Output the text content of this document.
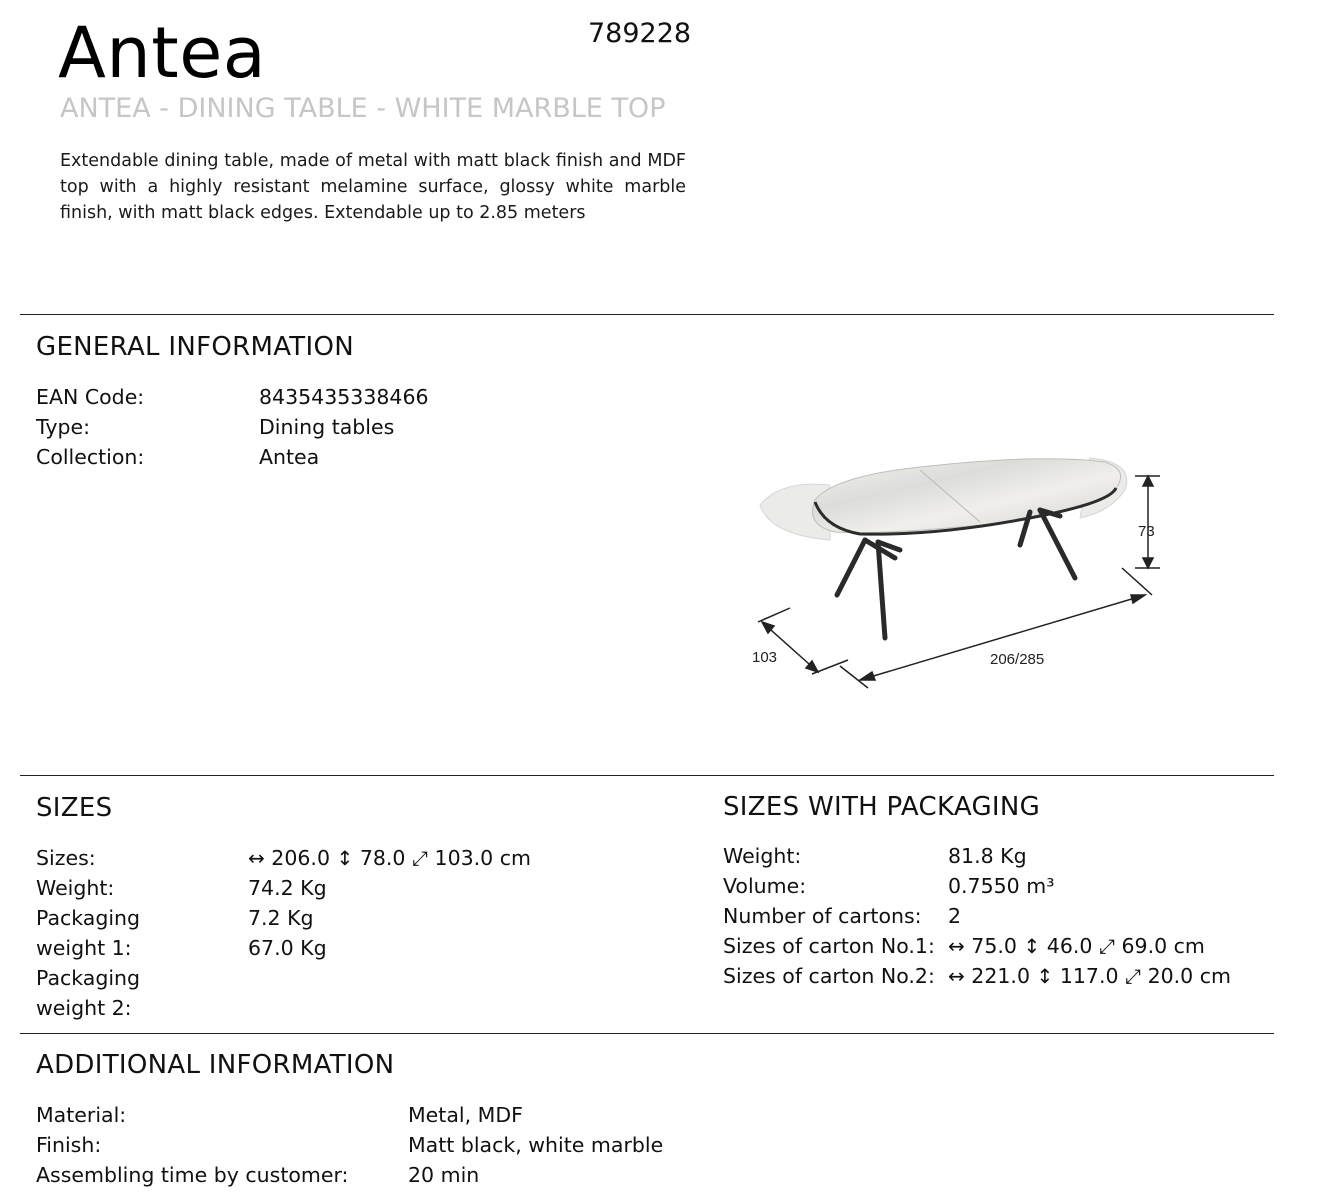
Antea	789228
ANTEA - DINING TABLE - WHITE MARBLE TOP
Extendable dining table, made of metal with matt black finish and MDF top with a highly resistant melamine surface, glossy white marble finish, with matt black edges. Extendable up to 2.85 meters
GENERAL INFORMATION
EAN Code:	8435435338466
Type:	Dining tables
Collection:	Antea
73
206/285
103
SIZES
Sizes:	↔ 206.0 ↕ 78.0 ⤢ 103.0 cm
Weight:	74.2 Kg
Packaging weight 1:
7.2 Kg
Packaging weight 2:
67.0 Kg
SIZES WITH PACKAGING
Weight:	81.8 Kg
Volume:	0.7550 m³
Number of cartons: 2
Sizes of carton No.1: ↔ 75.0 ↕ 46.0 ⤢ 69.0 cm
Sizes of carton No.2: ↔ 221.0 ↕ 117.0 ⤢ 20.0 cm
ADDITIONAL INFORMATION
Material:	Metal, MDF
Finish:	Matt black, white marble
Assembling time by customer:	20 min
